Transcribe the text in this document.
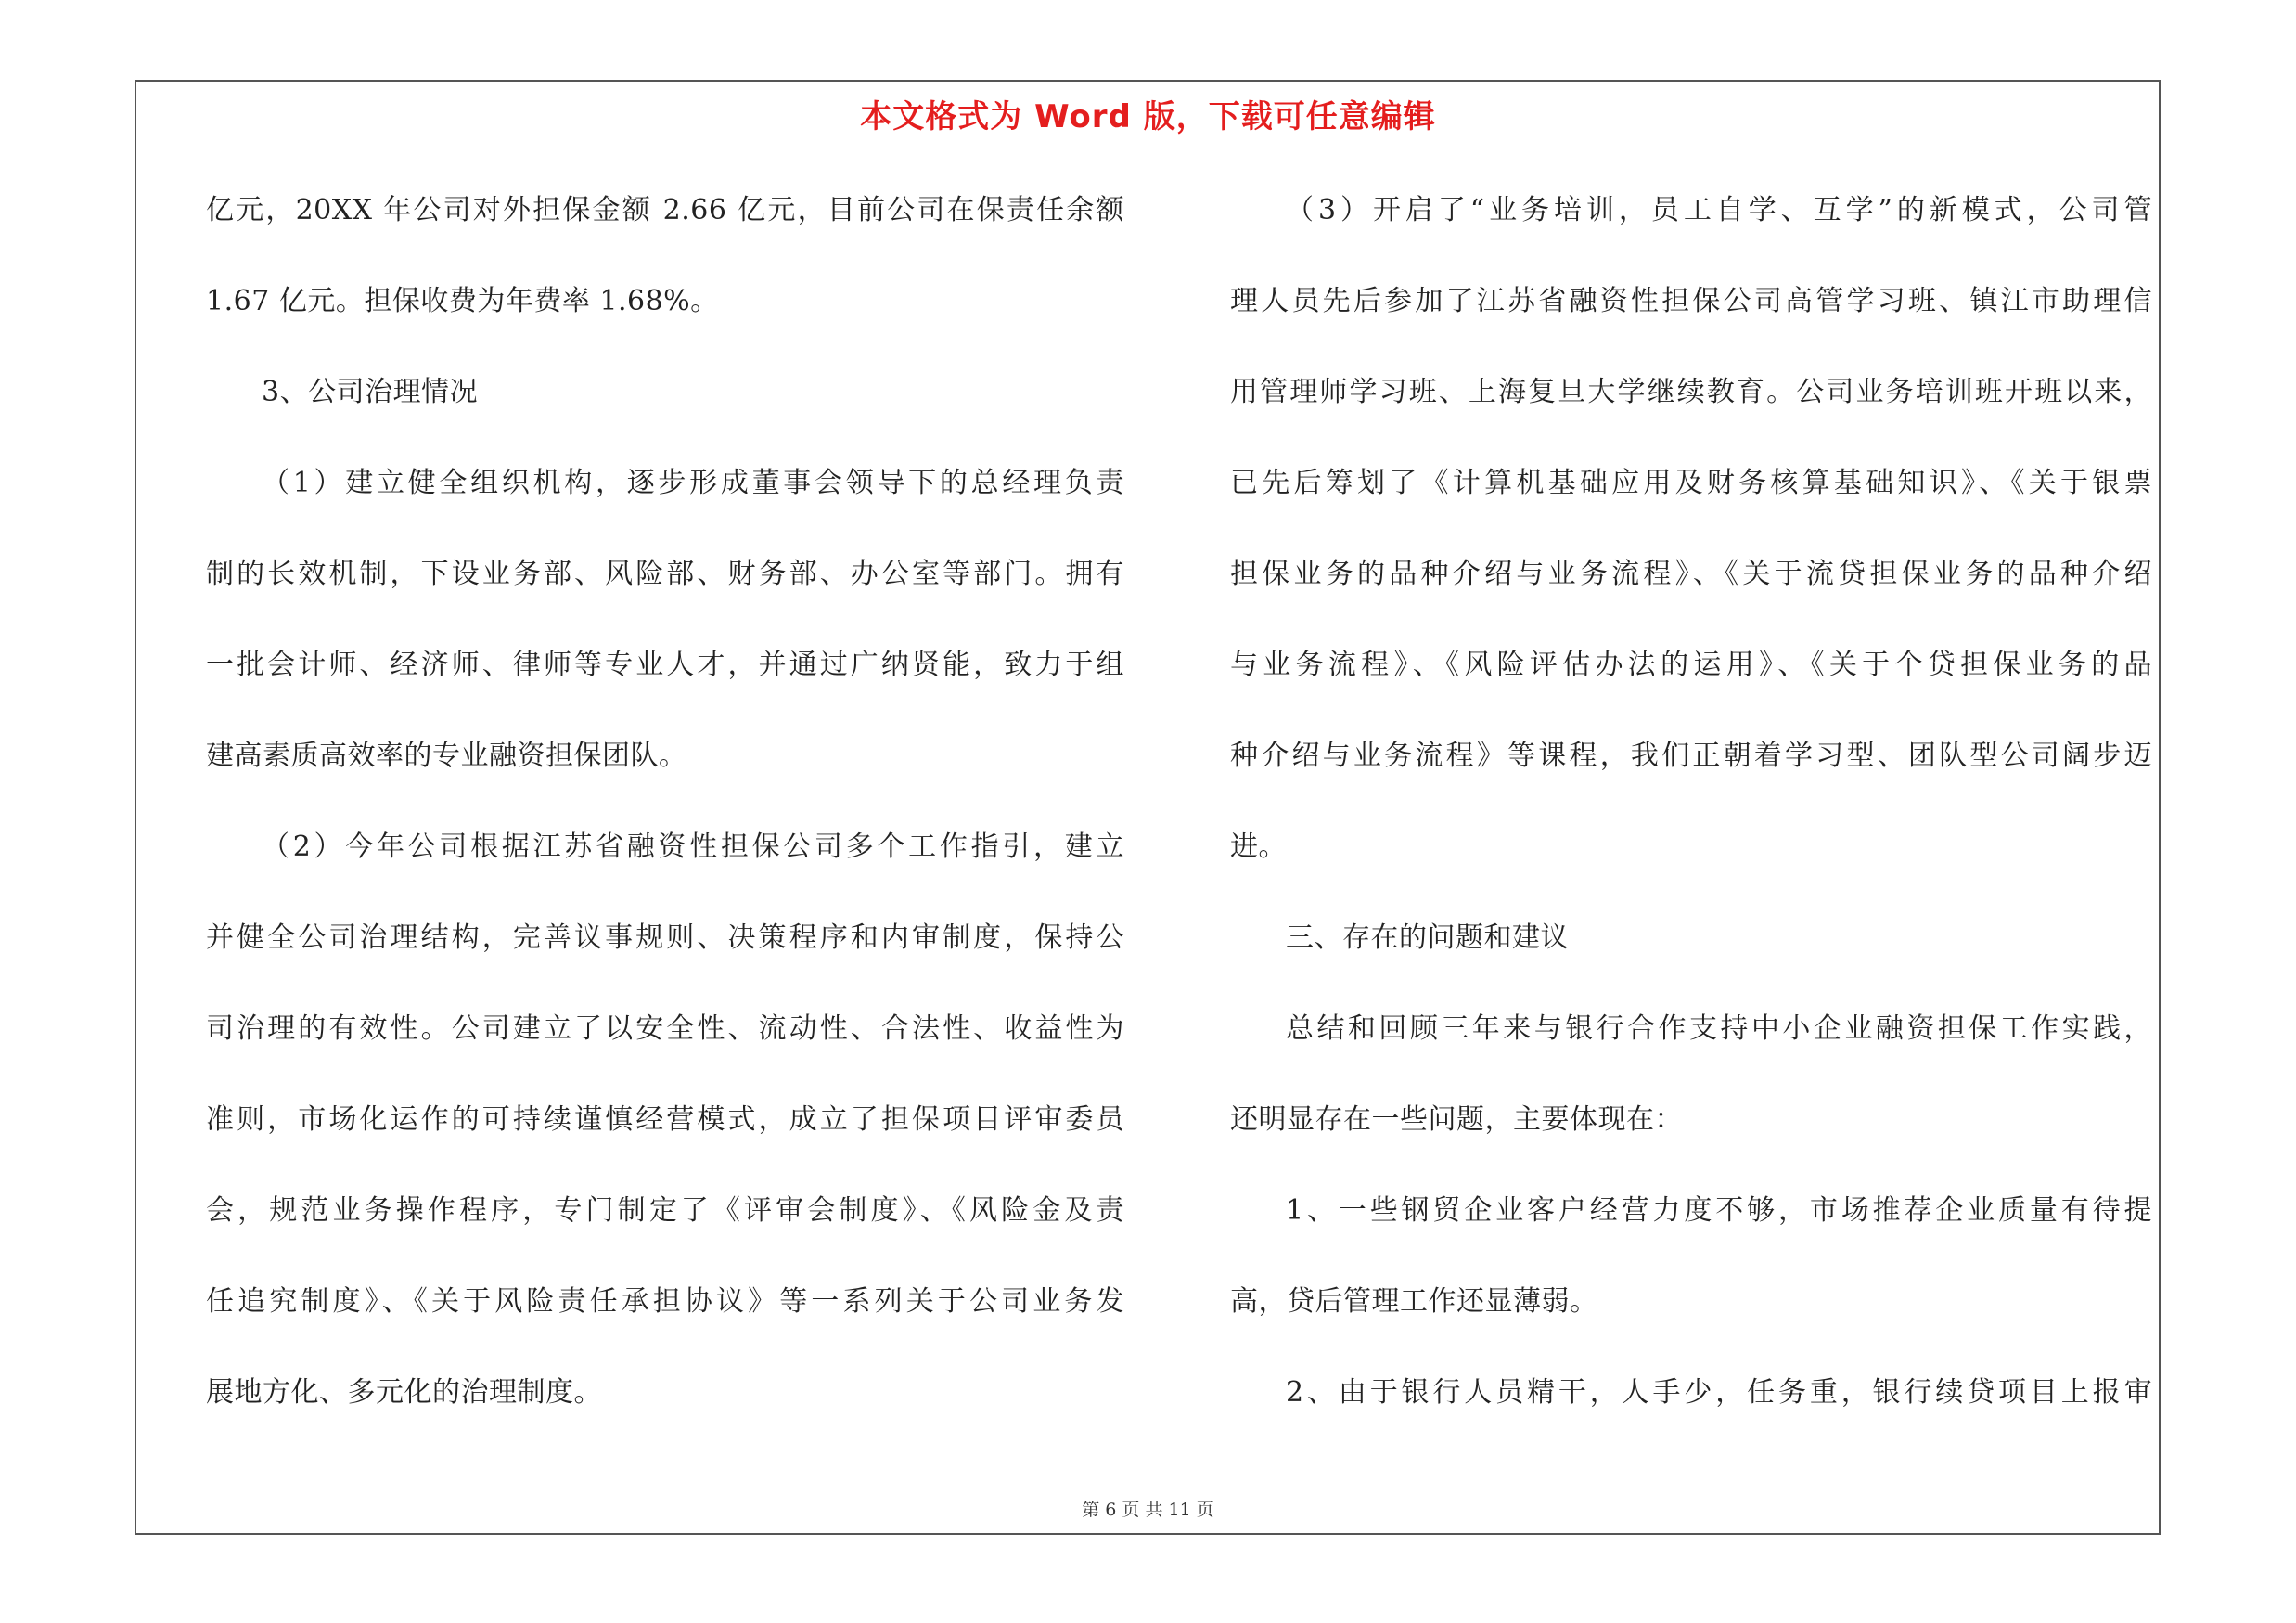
本文格式为 Word 版，下载可任意编辑
亿元，20XX 年公司对外担保金额 2.66 亿元，目前公司在保责任余额
1.67 亿元。担保收费为年费率 1.68%。
3、公司治理情况
（1）建立健全组织机构，逐步形成董事会领导下的总经理负责
制的长效机制，下设业务部、风险部、财务部、办公室等部门。拥有
一批会计师、经济师、律师等专业人才，并通过广纳贤能，致力于组
建高素质高效率的专业融资担保团队。
（2）今年公司根据江苏省融资性担保公司多个工作指引，建立
并健全公司治理结构，完善议事规则、决策程序和内审制度，保持公
司治理的有效性。公司建立了以安全性、流动性、合法性、收益性为
准则，市场化运作的可持续谨慎经营模式，成立了担保项目评审委员
会，规范业务操作程序，专门制定了《评审会制度》、《风险金及责
任追究制度》、《关于风险责任承担协议》等一系列关于公司业务发
展地方化、多元化的治理制度。
（3）开启了“业务培训，员工自学、互学”的新模式，公司管
理人员先后参加了江苏省融资性担保公司高管学习班、镇江市助理信
用管理师学习班、上海复旦大学继续教育。公司业务培训班开班以来，
已先后筹划了《计算机基础应用及财务核算基础知识》、《关于银票
担保业务的品种介绍与业务流程》、《关于流贷担保业务的品种介绍
与业务流程》、《风险评估办法的运用》、《关于个贷担保业务的品
种介绍与业务流程》等课程，我们正朝着学习型、团队型公司阔步迈
进。
三、存在的问题和建议
总结和回顾三年来与银行合作支持中小企业融资担保工作实践，
还明显存在一些问题，主要体现在：
1、一些钢贸企业客户经营力度不够，市场推荐企业质量有待提
高，贷后管理工作还显薄弱。
2、由于银行人员精干，人手少，任务重，银行续贷项目上报审
第 6 页 共 11 页
